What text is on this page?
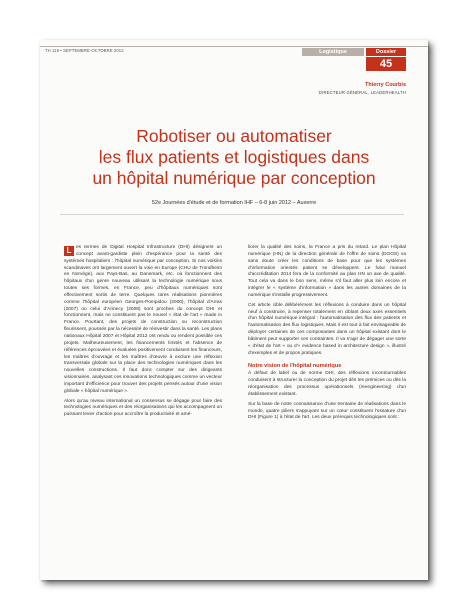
TH 119 • SEPTEMBRE-OCTOBRE 2012	Logistique	Dossier
45
Thierry Courbis
DIRECTEUR GÉNÉRAL, LEADERHEALTH
Robotiser ou automatiser
les flux patients et logistiques dans
un hôpital numérique par conception
52e Journées d'étude et de formation IHF – 6-8 juin 2012 – Auxerre

L es termes de Digital Hospital Infrastructure (DHI) désignent un concept avant-gardiste plein d'espérance pour la santé des systèmes hospitaliers : l'hôpital numérique par conception. Si nos voisins scandinaves ont largement ouvert la voie en Europe (CHU de Trondheim en Norvège), aux Pays-Bas, au Danemark, etc. où fonctionnent des hôpitaux d'un genre nouveau utilisant la technologie numérique sous toutes ses formes, en France, peu d'hôpitaux numériques sont effectivement sortis de terre. Quelques rares réalisations pionnières comme l'hôpital européen Georges-Pompidou (2000), l'hôpital d'Arras (2007) ou celui d'Annecy (2008) sont proches du concept DHI et fonctionnent, mais ne constituent pas le nouvel « état de l'art » made in France. Pourtant, des projets de construction ou reconstruction fleurissent, poussés par la nécessité de réinvestir dans la santé. Les plans nationaux Hôpital 2007 et Hôpital 2012 ont rendu ou rendent possible ces projets. Malheureusement, les financements limités et l'absence de références éprouvées et évaluées positivement conduisent les financeurs, les maîtres d'ouvrage et les maîtres d'œuvre à exclure une réflexion transversale globale sur la place des technologies numériques dans les nouvelles constructions. Il faut donc compter sur des dirigeants visionnaires, analysant ces innovations technologiques comme un vecteur important d'efficience pour trouver des projets pensés autour d'une vision globale « hôpital numérique ».

Alors qu'au niveau international un consensus se dégage pour faire des technologies numériques et des réorganisations qui les accompagnent un puissant levier d'action pour accroître la productivité et amé-

liorer la qualité des soins, la France a pris du retard. Le plan Hôpital numérique (HN) de la direction générale de l'offre de soins (DGOS) va sans doute créer les conditions de base pour que les systèmes d'information orientés patient se développent. Le futur manuel d'accréditation 2014 fera de la conformité au plan HN un axe de qualité. Tout cela va dans le bon sens, même s'il faut aller plus loin encore et intégrer le « système d'information » dans les autres domaines de la numérique s'installe progressivement.

Cet article cible délibérément les réflexions à conduire dans un hôpital neuf à construire, à repenser totalement en ciblant deux axes essentiels d'un hôpital numérique intégral : l'automatisation des flux des patients et l'automatisation des flux logistiques. Mais il est tout à fait envisageable de déployer certaines de ces composantes dans un hôpital existant dont le bâtiment peut supporter ces contraintes. Il va s'agir de dégager une sorte « d'état de l'art » ou d'« evidence based in architecture design », illustré d'exemples et de propos pratiques.

Notre vision de l'hôpital numérique

À défaut de label ou de norme DHI, des réflexions incontournables conduisent à structurer la conception du projet dès les prémices ou dès la réorganisation des processus opérationnels (reengineering) d'un établissement existant.

Sur la base de notre connaissance d'une trentaine de réalisations dans le monde, quatre piliers s'appuyant sur un cœur constituent l'ossature d'un DHI (Figure 1) à l'état de l'art. Les deux prérequis technologiques sont :
